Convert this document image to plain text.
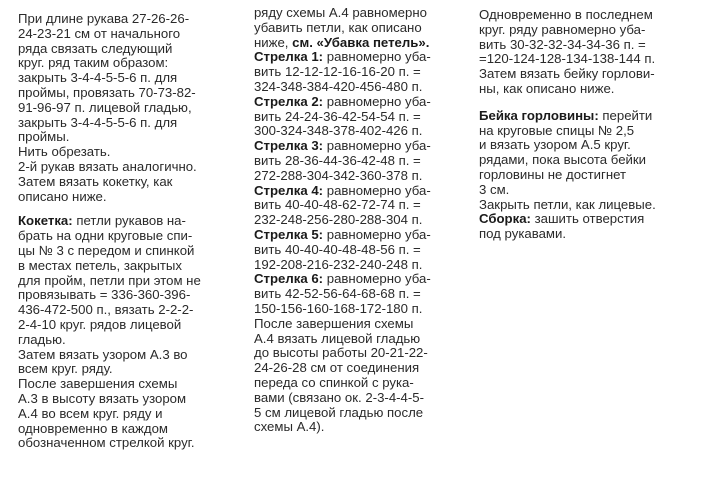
При длине рукава 27-26-26-
24-23-21 см от начального
ряда связать следующий
круг. ряд таким образом:
закрыть 3-4-4-5-5-6 п. для
проймы, провязать 70-73-82-
91-96-97 п. лицевой гладью,
закрыть 3-4-4-5-5-6 п. для
проймы.
Нить обрезать.
2-й рукав вязать аналогично.
Затем вязать кокетку, как
описано ниже.
Кокетка: петли рукавов на-
брать на одни круговые спи-
цы № 3 с передом и спинкой
в местах петель, закрытых
для пройм, петли при этом не
провязывать = 336-360-396-
436-472-500 п., вязать 2-2-2-
2-4-10 круг. рядов лицевой
гладью.
Затем вязать узором А.3 во
всем круг. ряду.
После завершения схемы
А.3 в высоту вязать узором
А.4 во всем круг. ряду и
одновременно в каждом
обозначенном стрелкой круг.
ряду схемы А.4 равномерно
убавить петли, как описано
ниже, см. «Убавка петель».
Стрелка 1: равномерно уба-
вить 12-12-12-16-16-20 п. =
324-348-384-420-456-480 п.
Стрелка 2: равномерно уба-
вить 24-24-36-42-54-54 п. =
300-324-348-378-402-426 п.
Стрелка 3: равномерно уба-
вить 28-36-44-36-42-48 п. =
272-288-304-342-360-378 п.
Стрелка 4: равномерно уба-
вить 40-40-48-62-72-74 п. =
232-248-256-280-288-304 п.
Стрелка 5: равномерно уба-
вить 40-40-40-48-48-56 п. =
192-208-216-232-240-248 п.
Стрелка 6: равномерно уба-
вить 42-52-56-64-68-68 п. =
150-156-160-168-172-180 п.
После завершения схемы
А.4 вязать лицевой гладью
до высоты работы 20-21-22-
24-26-28 см от соединения
переда со спинкой с рука-
вами (связано ок. 2-3-4-4-5-
5 см лицевой гладью после
схемы А.4).
Одновременно в последнем
круг. ряду равномерно уба-
вить 30-32-32-34-34-36 п. =
=120-124-128-134-138-144 п.
Затем вязать бейку горлови-
ны, как описано ниже.
Бейка горловины: перейти
на круговые спицы № 2,5
и вязать узором А.5 круг.
рядами, пока высота бейки
горловины не достигнет
3 см.
Закрыть петли, как лицевые.
Сборка: зашить отверстия
под рукавами.
